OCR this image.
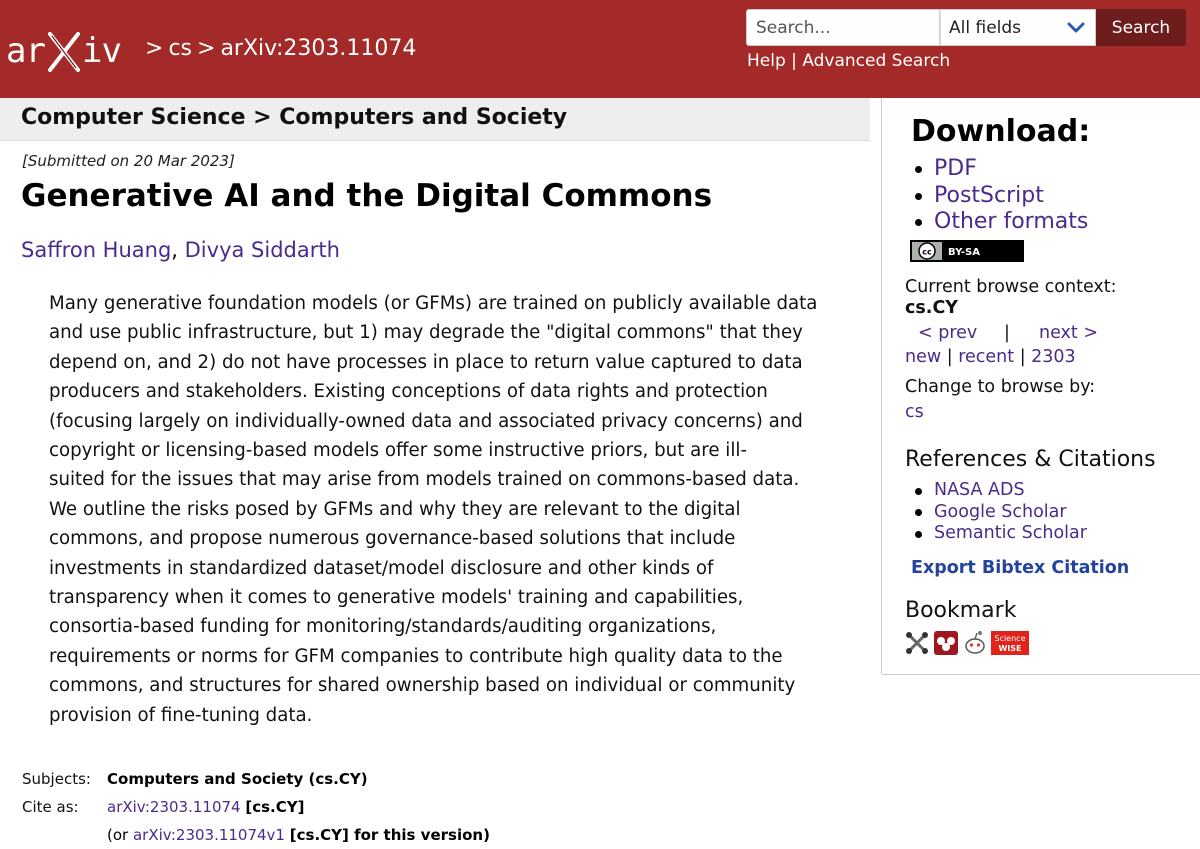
ar iv > cs > arXiv:2303.11074
Search...
All fields	Search
Help | Advanced Search
Computer Science > Computers and Society
[Submitted on 20 Mar 2023]
Generative AI and the Digital Commons
Saffron Huang, Divya Siddarth
Many generative foundation models (or GFMs) are trained on publicly available data
and use public infrastructure, but 1) may degrade the "digital commons" that they
depend on, and 2) do not have processes in place to return value captured to data
producers and stakeholders. Existing conceptions of data rights and protection
(focusing largely on individually-owned data and associated privacy concerns) and
copyright or licensing-based models offer some instructive priors, but are ill-
suited for the issues that may arise from models trained on commons-based data.
We outline the risks posed by GFMs and why they are relevant to the digital
commons, and propose numerous governance-based solutions that include
investments in standardized dataset/model disclosure and other kinds of
transparency when it comes to generative models' training and capabilities,
consortia-based funding for monitoring/standards/auditing organizations,
requirements or norms for GFM companies to contribute high quality data to the
commons, and structures for shared ownership based on individual or community
provision of fine-tuning data.
Subjects: Computers and Society (cs.CY)
Cite as: arXiv:2303.11074 [cs.CY]
(or arXiv:2303.11074v1 [cs.CY] for this version)
Download:
PDF
PostScript
Other formats
cc BY-SA
Current browse context:
cs.CY
< prev | next >
new | recent | 2303
Change to browse by:
cs
References & Citations
NASA ADS
Google Scholar
Semantic Scholar
Export Bibtex Citation
Bookmark
Science
WISE
